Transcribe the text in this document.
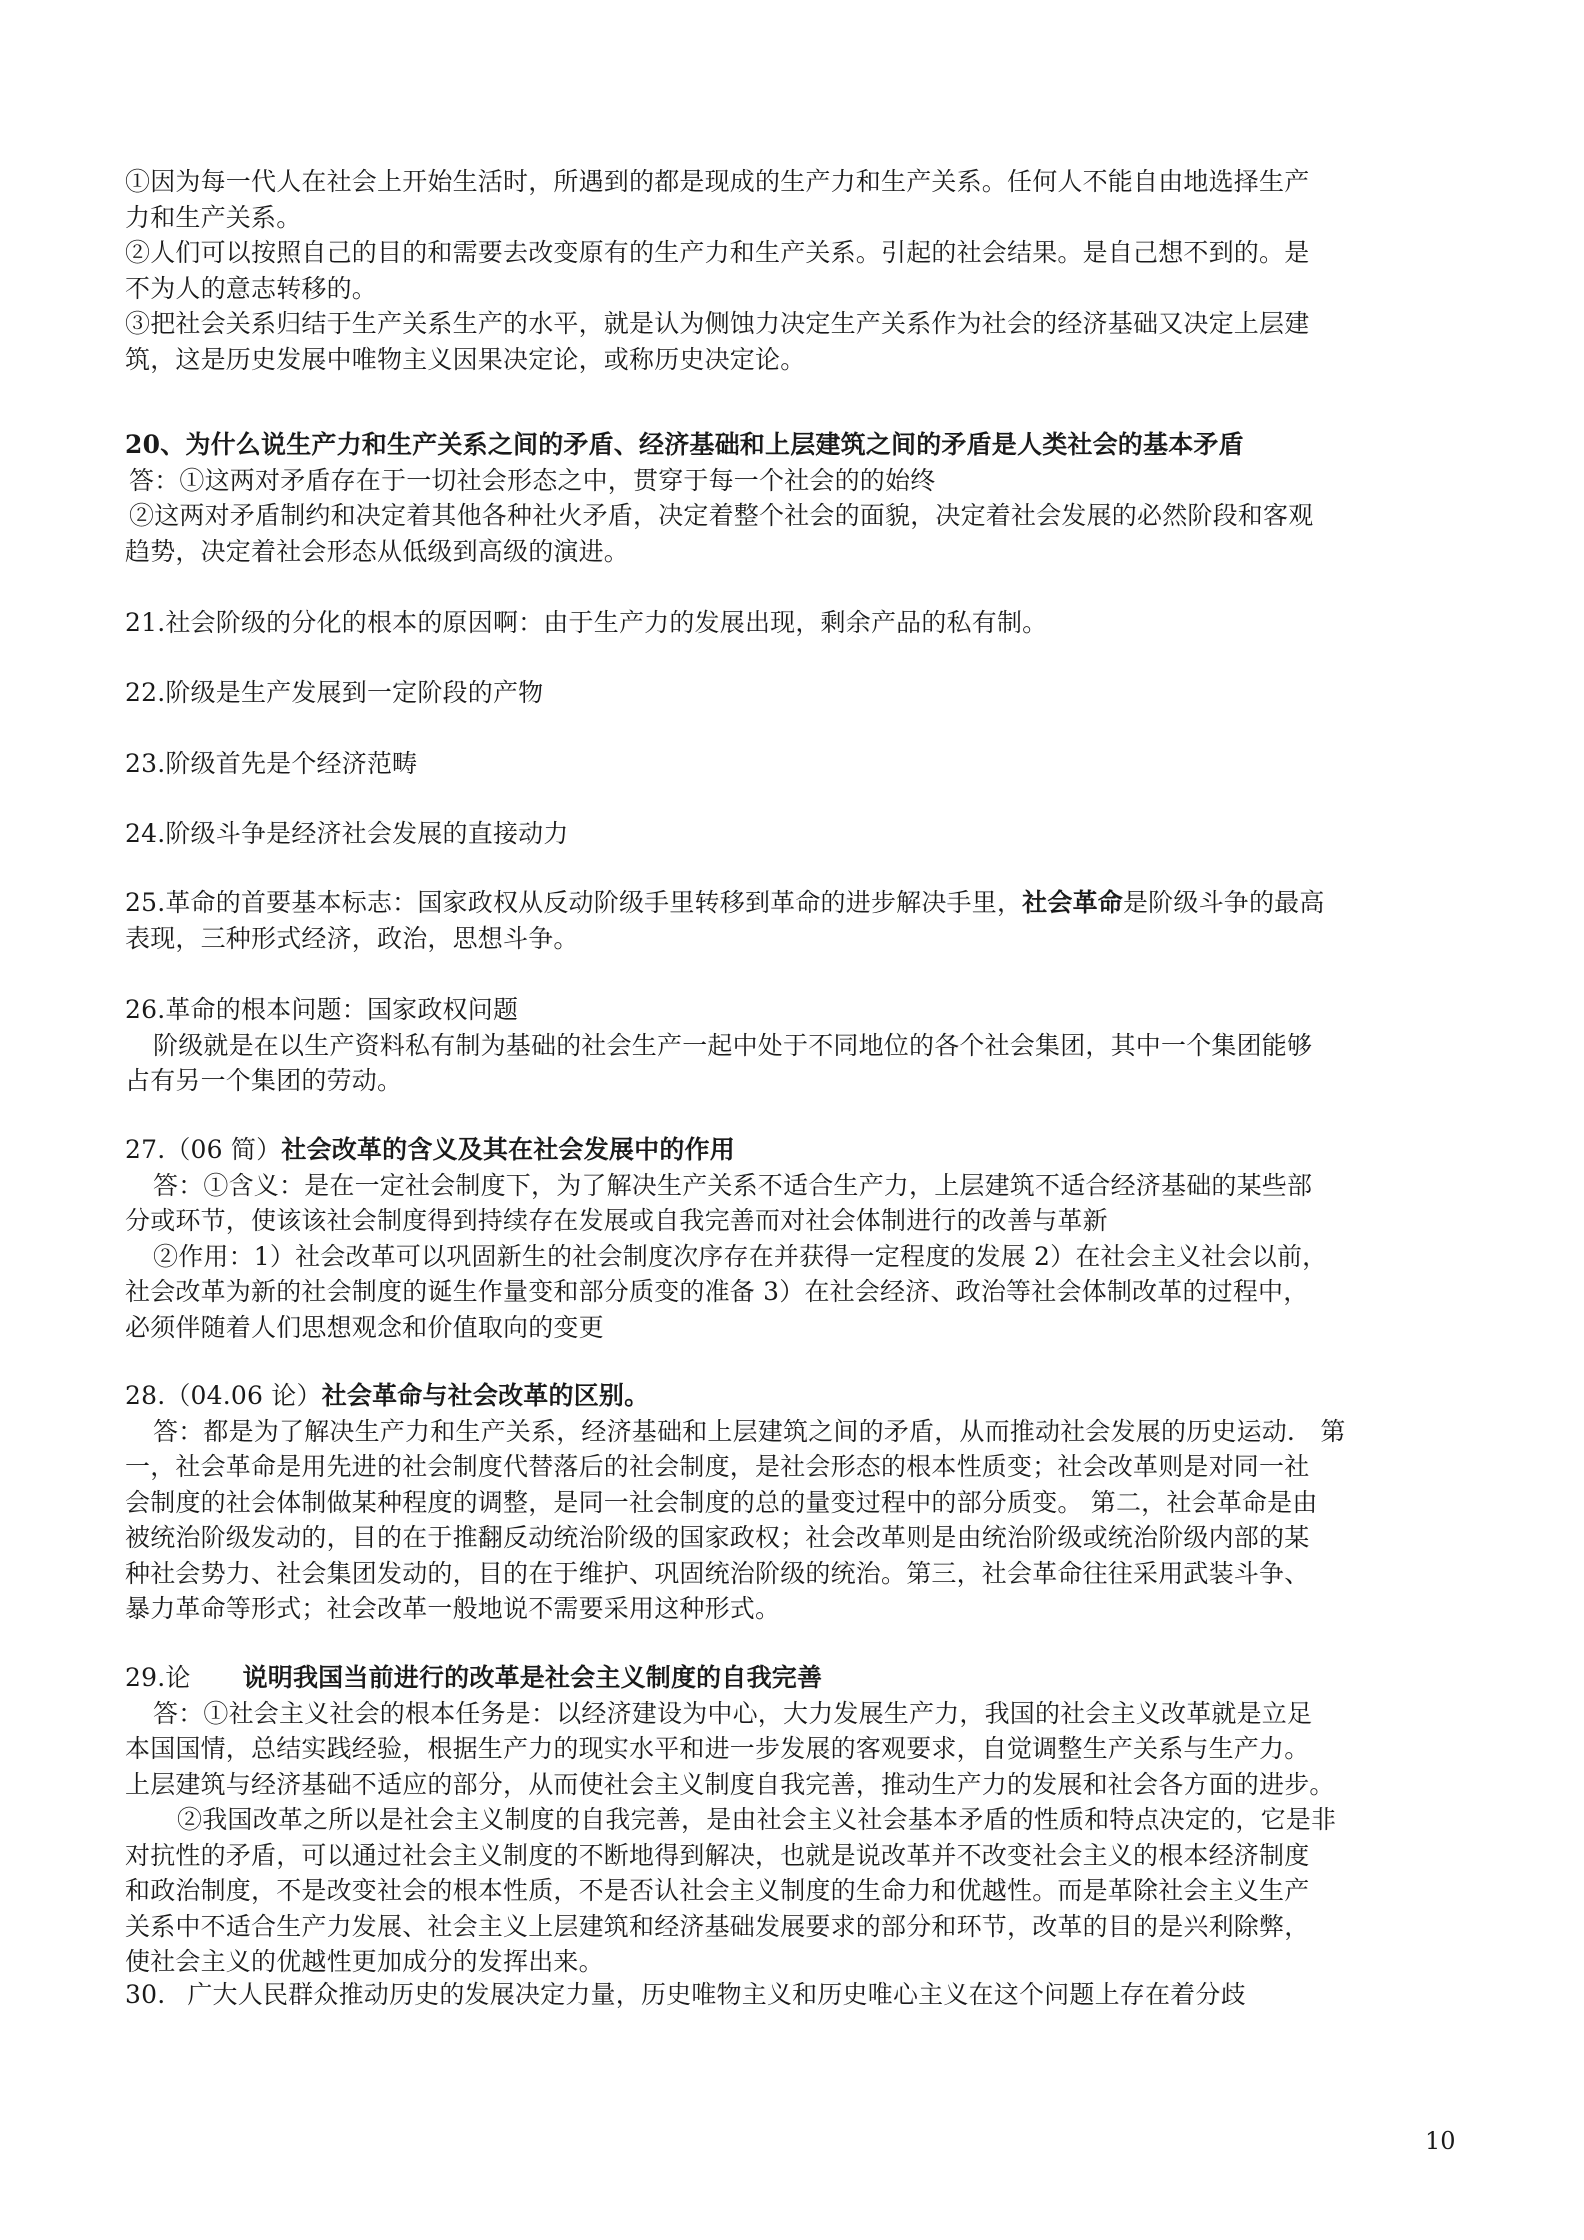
①因为每一代人在社会上开始生活时，所遇到的都是现成的生产力和生产关系。任何人不能自由地选择生产
力和生产关系。
②人们可以按照自己的目的和需要去改变原有的生产力和生产关系。引起的社会结果。是自己想不到的。是
不为人的意志转移的。
③把社会关系归结于生产关系生产的水平，就是认为侧蚀力决定生产关系作为社会的经济基础又决定上层建
筑，这是历史发展中唯物主义因果决定论，或称历史决定论。
20、为什么说生产力和生产关系之间的矛盾、经济基础和上层建筑之间的矛盾是人类社会的基本矛盾
答：①这两对矛盾存在于一切社会形态之中，贯穿于每一个社会的的始终
②这两对矛盾制约和决定着其他各种社火矛盾，决定着整个社会的面貌，决定着社会发展的必然阶段和客观
趋势，决定着社会形态从低级到高级的演进。
21.社会阶级的分化的根本的原因啊：由于生产力的发展出现，剩余产品的私有制。
22.阶级是生产发展到一定阶段的产物
23.阶级首先是个经济范畴
24.阶级斗争是经济社会发展的直接动力
25.革命的首要基本标志：国家政权从反动阶级手里转移到革命的进步解决手里，社会革命是阶级斗争的最高
表现，三种形式经济，政治，思想斗争。
26.革命的根本问题：国家政权问题
阶级就是在以生产资料私有制为基础的社会生产一起中处于不同地位的各个社会集团，其中一个集团能够
占有另一个集团的劳动。
27.（06 简）社会改革的含义及其在社会发展中的作用
答：①含义：是在一定社会制度下，为了解决生产关系不适合生产力，上层建筑不适合经济基础的某些部
分或环节，使该该社会制度得到持续存在发展或自我完善而对社会体制进行的改善与革新
②作用：1）社会改革可以巩固新生的社会制度次序存在并获得一定程度的发展 2）在社会主义社会以前，
社会改革为新的社会制度的诞生作量变和部分质变的准备 3）在社会经济、政治等社会体制改革的过程中，
必须伴随着人们思想观念和价值取向的变更
28.（04.06 论）社会革命与社会改革的区别。
答：都是为了解决生产力和生产关系，经济基础和上层建筑之间的矛盾，从而推动社会发展的历史运动． 第
一，社会革命是用先进的社会制度代替落后的社会制度，是社会形态的根本性质变；社会改革则是对同一社
会制度的社会体制做某种程度的调整，是同一社会制度的总的量变过程中的部分质变。 第二，社会革命是由
被统治阶级发动的，目的在于推翻反动统治阶级的国家政权；社会改革则是由统治阶级或统治阶级内部的某
种社会势力、社会集团发动的，目的在于维护、巩固统治阶级的统治。第三，社会革命往往采用武装斗争、
暴力革命等形式；社会改革一般地说不需要采用这种形式。
29.论 说明我国当前进行的改革是社会主义制度的自我完善
答：①社会主义社会的根本任务是：以经济建设为中心，大力发展生产力，我国的社会主义改革就是立足
本国国情，总结实践经验，根据生产力的现实水平和进一步发展的客观要求，自觉调整生产关系与生产力。
上层建筑与经济基础不适应的部分，从而使社会主义制度自我完善，推动生产力的发展和社会各方面的进步。
②我国改革之所以是社会主义制度的自我完善，是由社会主义社会基本矛盾的性质和特点决定的，它是非
对抗性的矛盾，可以通过社会主义制度的不断地得到解决，也就是说改革并不改变社会主义的根本经济制度
和政治制度，不是改变社会的根本性质，不是否认社会主义制度的生命力和优越性。而是革除社会主义生产
关系中不适合生产力发展、社会主义上层建筑和经济基础发展要求的部分和环节，改革的目的是兴利除弊，
使社会主义的优越性更加成分的发挥出来。
30. 广大人民群众推动历史的发展决定力量，历史唯物主义和历史唯心主义在这个问题上存在着分歧
10
